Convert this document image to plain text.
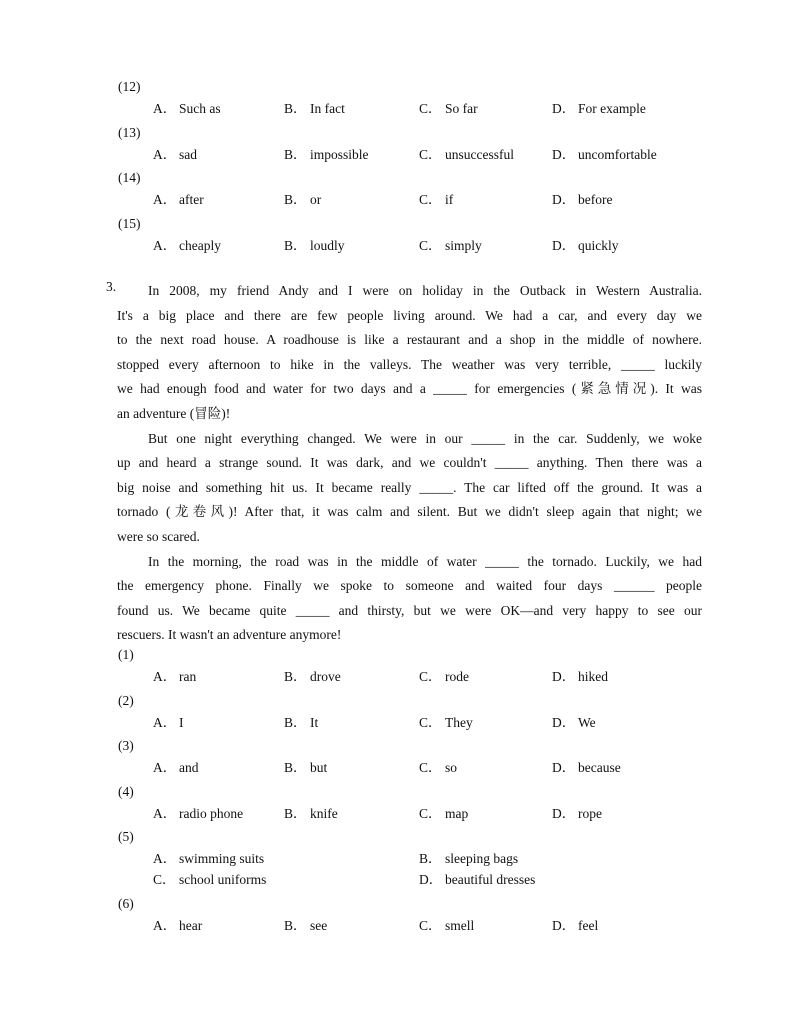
(12)
A． Such as	B． In fact	C． So far	D． For example
(13)
A． sad	B． impossible	C． unsuccessful	D． uncomfortable
(14)
A． after	B． or	C． if	D． before
(15)
A． cheaply	B． loudly	C． simply	D． quickly
3.	In 2008, my friend Andy and I were on holiday in the Outback in Western Australia.
It's a big place and there are few people living around. We had a car, and every day we
to the next road house. A roadhouse is like a restaurant and a shop in the middle of nowhere.
stopped every afternoon to hike in the valleys. The weather was very terrible, _____ luckily
we had enough food and water for two days and a _____ for emergencies (紧急情况). It was
an adventure (冒险)!
But one night everything changed. We were in our _____ in the car. Suddenly, we woke
up and heard a strange sound. It was dark, and we couldn't _____ anything. Then there was a
big noise and something hit us. It became really _____. The car lifted off the ground. It was a
tornado (龙卷风)! After that, it was calm and silent. But we didn't sleep again that night; we
were so scared.
In the morning, the road was in the middle of water _____ the tornado. Luckily, we had
the emergency phone. Finally we spoke to someone and waited four days ______ people
found us. We became quite _____ and thirsty, but we were OK—and very happy to see our
rescuers. It wasn't an adventure anymore!
(1)
A． ran	B． drove	C． rode	D． hiked
(2)
A． I	B． It	C． They	D． We
(3)
A． and	B． but	C． so	D． because
(4)
A． radio phone	B． knife	C． map	D． rope
(5)
A． swimming suits	B． sleeping bags
C． school uniforms	D． beautiful dresses
(6)
A． hear	B． see	C． smell	D． feel
